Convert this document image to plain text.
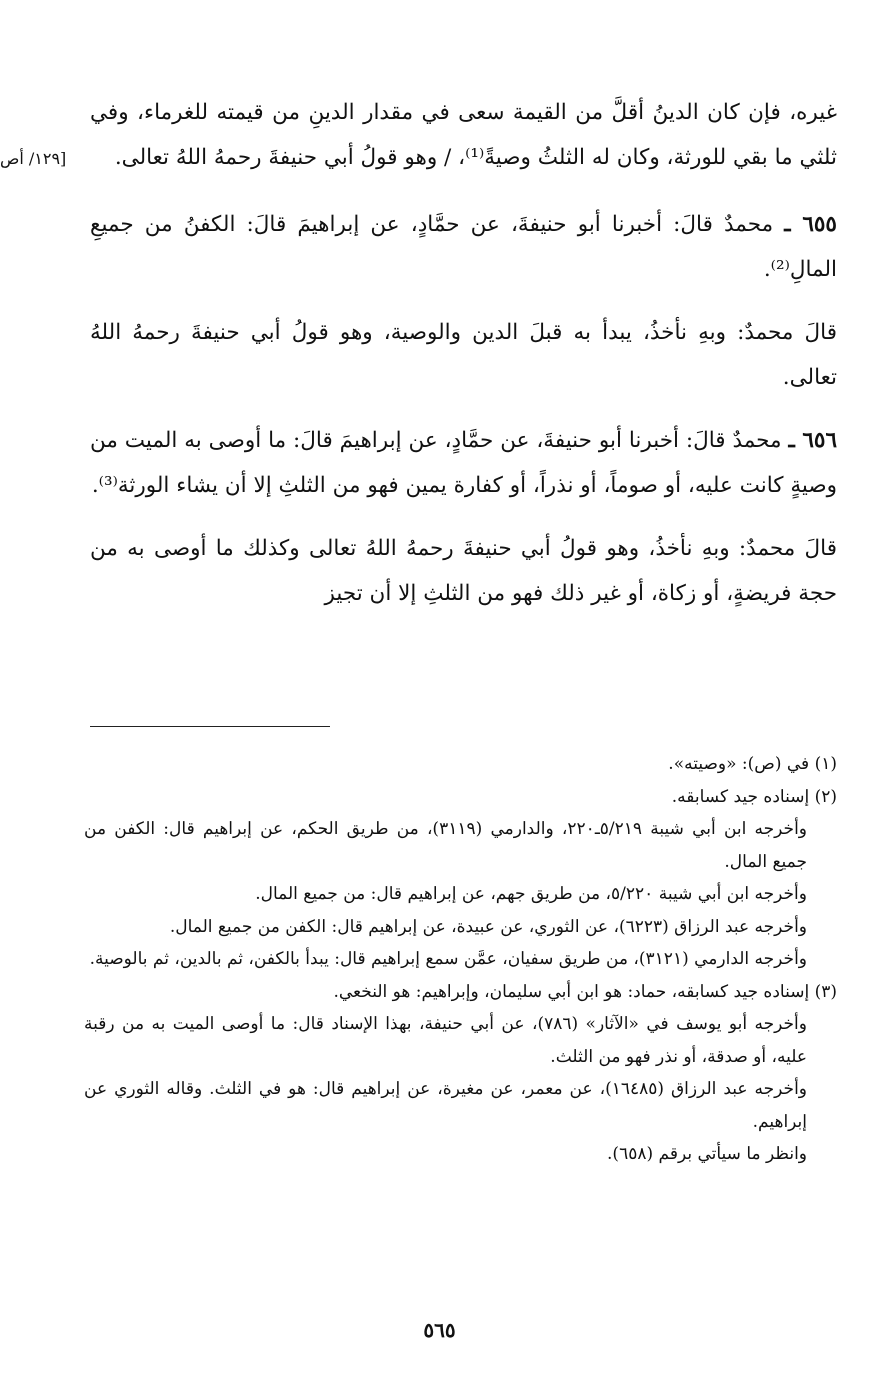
[١٢٩/ أص

غيره، فإن كان الدينُ أقلَّ من القيمة سعى في مقدار الدينِ من قيمته للغرماء، وفي ثلثي ما بقي للورثة، وكان له الثلثُ وصيةً⁽¹⁾، / وهو قولُ أبي حنيفةَ رحمهُ اللهُ تعالى.

٦٥٥ ـ محمدٌ قالَ: أخبرنا أبو حنيفةَ، عن حمَّادٍ، عن إبراهيمَ قالَ: الكفنُ من جميعِ المالِ⁽²⁾.

قالَ محمدٌ: وبهِ نأخذُ، يبدأ به قبلَ الدين والوصية، وهو قولُ أبي حنيفةَ رحمهُ اللهُ تعالى.

٦٥٦ ـ محمدٌ قالَ: أخبرنا أبو حنيفةَ، عن حمَّادٍ، عن إبراهيمَ قالَ: ما أوصى به الميت من وصيةٍ كانت عليه، أو صوماً، أو نذراً، أو كفارة يمين فهو من الثلثِ إلا أن يشاء الورثة⁽³⁾.

قالَ محمدٌ: وبهِ نأخذُ، وهو قولُ أبي حنيفةَ رحمهُ اللهُ تعالى وكذلك ما أوصى به من حجة فريضةٍ، أو زكاة، أو غير ذلك فهو من الثلثِ إلا أن تجيز

(١) في (ص): «وصيته».

(٢) إسناده جيد كسابقه.

وأخرجه ابن أبي شيبة ٥/٢١٩ـ٢٢٠، والدارمي (٣١١٩)، من طريق الحكم، عن إبراهيم قال: الكفن من جميع المال.

وأخرجه ابن أبي شيبة ٥/٢٢٠، من طريق جهم، عن إبراهيم قال: من جميع المال.

وأخرجه عبد الرزاق (٦٢٢٣)، عن الثوري، عن عبيدة، عن إبراهيم قال: الكفن من جميع المال.

وأخرجه الدارمي (٣١٢١)، من طريق سفيان، عمَّن سمع إبراهيم قال: يبدأ بالكفن، ثم بالدين، ثم بالوصية.

(٣) إسناده جيد كسابقه، حماد: هو ابن أبي سليمان، وإبراهيم: هو النخعي.

وأخرجه أبو يوسف في «الآثار» (٧٨٦)، عن أبي حنيفة، بهذا الإسناد قال: ما أوصى الميت به من رقبة عليه، أو صدقة، أو نذر فهو من الثلث.

وأخرجه عبد الرزاق (١٦٤٨٥)، عن معمر، عن مغيرة، عن إبراهيم قال: هو في الثلث. وقاله الثوري عن إبراهيم.

وانظر ما سيأتي برقم (٦٥٨).

٥٦٥
